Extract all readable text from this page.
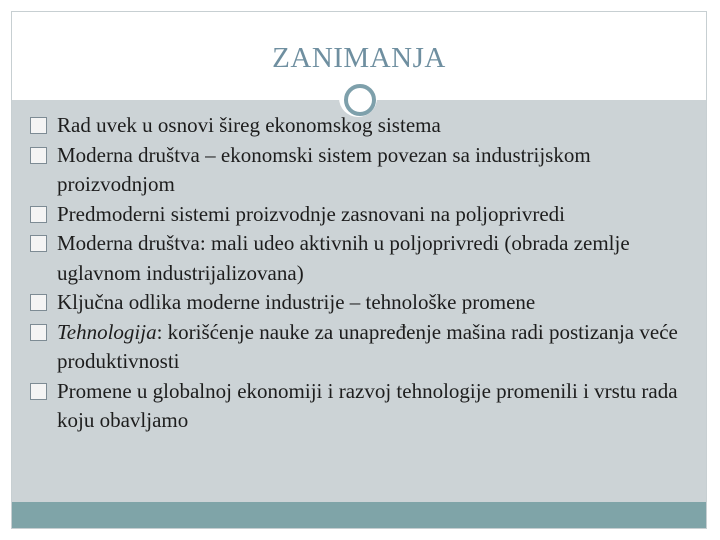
ZANIMANJA
Rad uvek u osnovi šireg ekonomskog sistema
Moderna društva – ekonomski sistem povezan sa industrijskom proizvodnjom
Predmoderni sistemi proizvodnje zasnovani na poljoprivredi
Moderna društva: mali udeo aktivnih u poljoprivredi (obrada zemlje uglavnom industrijalizovana)
Ključna odlika moderne industrije – tehnološke promene
Tehnologija: korišćenje nauke za unapređenje mašina radi postizanja veće produktivnosti
Promene u globalnoj ekonomiji i razvoj tehnologije promenili i vrstu rada koju obavljamo
